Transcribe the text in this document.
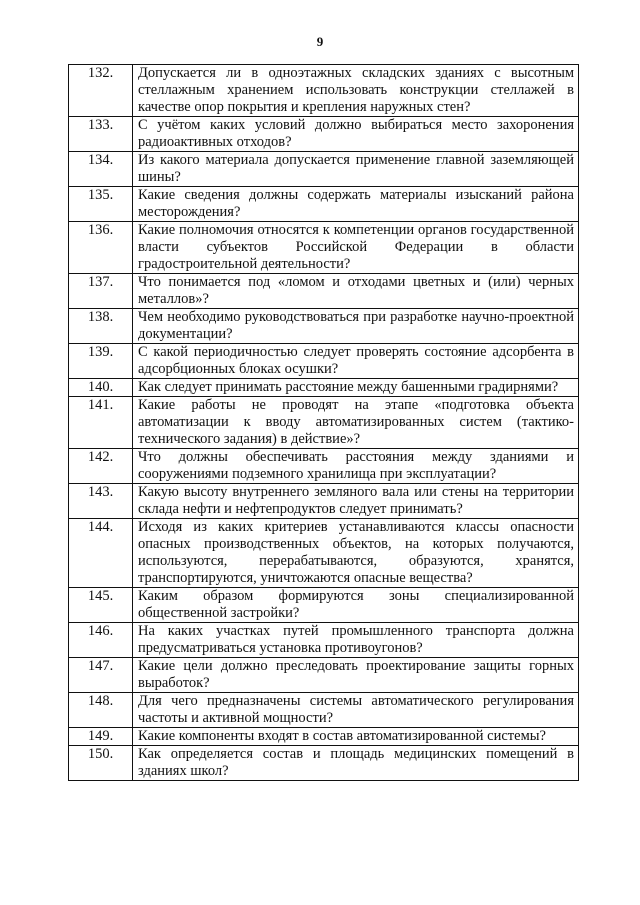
9
132.	Допускается ли в одноэтажных складских зданиях с высотным стеллажным хранением использовать конструкции стеллажей в качестве опор покрытия и крепления наружных стен?
133.	С учётом каких условий должно выбираться место захоронения радиоактивных отходов?
134.	Из какого материала допускается применение главной заземляющей шины?
135.	Какие сведения должны содержать материалы изысканий района месторождения?
136.	Какие полномочия относятся к компетенции органов государственной власти субъектов Российской Федерации в области градостроительной деятельности?
137.	Что понимается под «ломом и отходами цветных и (или) черных металлов»?
138.	Чем необходимо руководствоваться при разработке научно-проектной документации?
139.	С какой периодичностью следует проверять состояние адсорбента в адсорбционных блоках осушки?
140.	Как следует принимать расстояние между башенными градирнями?
141.	Какие работы не проводят на этапе «подготовка объекта автоматизации к вводу автоматизированных систем (тактико-технического задания) в действие»?
142.	Что должны обеспечивать расстояния между зданиями и сооружениями подземного хранилища при эксплуатации?
143.	Какую высоту внутреннего земляного вала или стены на территории склада нефти и нефтепродуктов следует принимать?
144.	Исходя из каких критериев устанавливаются классы опасности опасных производственных объектов, на которых получаются, используются, перерабатываются, образуются, хранятся, транспортируются, уничтожаются опасные вещества?
145.	Каким образом формируются зоны специализированной общественной застройки?
146.	На каких участках путей промышленного транспорта должна предусматриваться установка противоугонов?
147.	Какие цели должно преследовать проектирование защиты горных выработок?
148.	Для чего предназначены системы автоматического регулирования частоты и активной мощности?
149.	Какие компоненты входят в состав автоматизированной системы?
150.	Как определяется состав и площадь медицинских помещений в зданиях школ?
